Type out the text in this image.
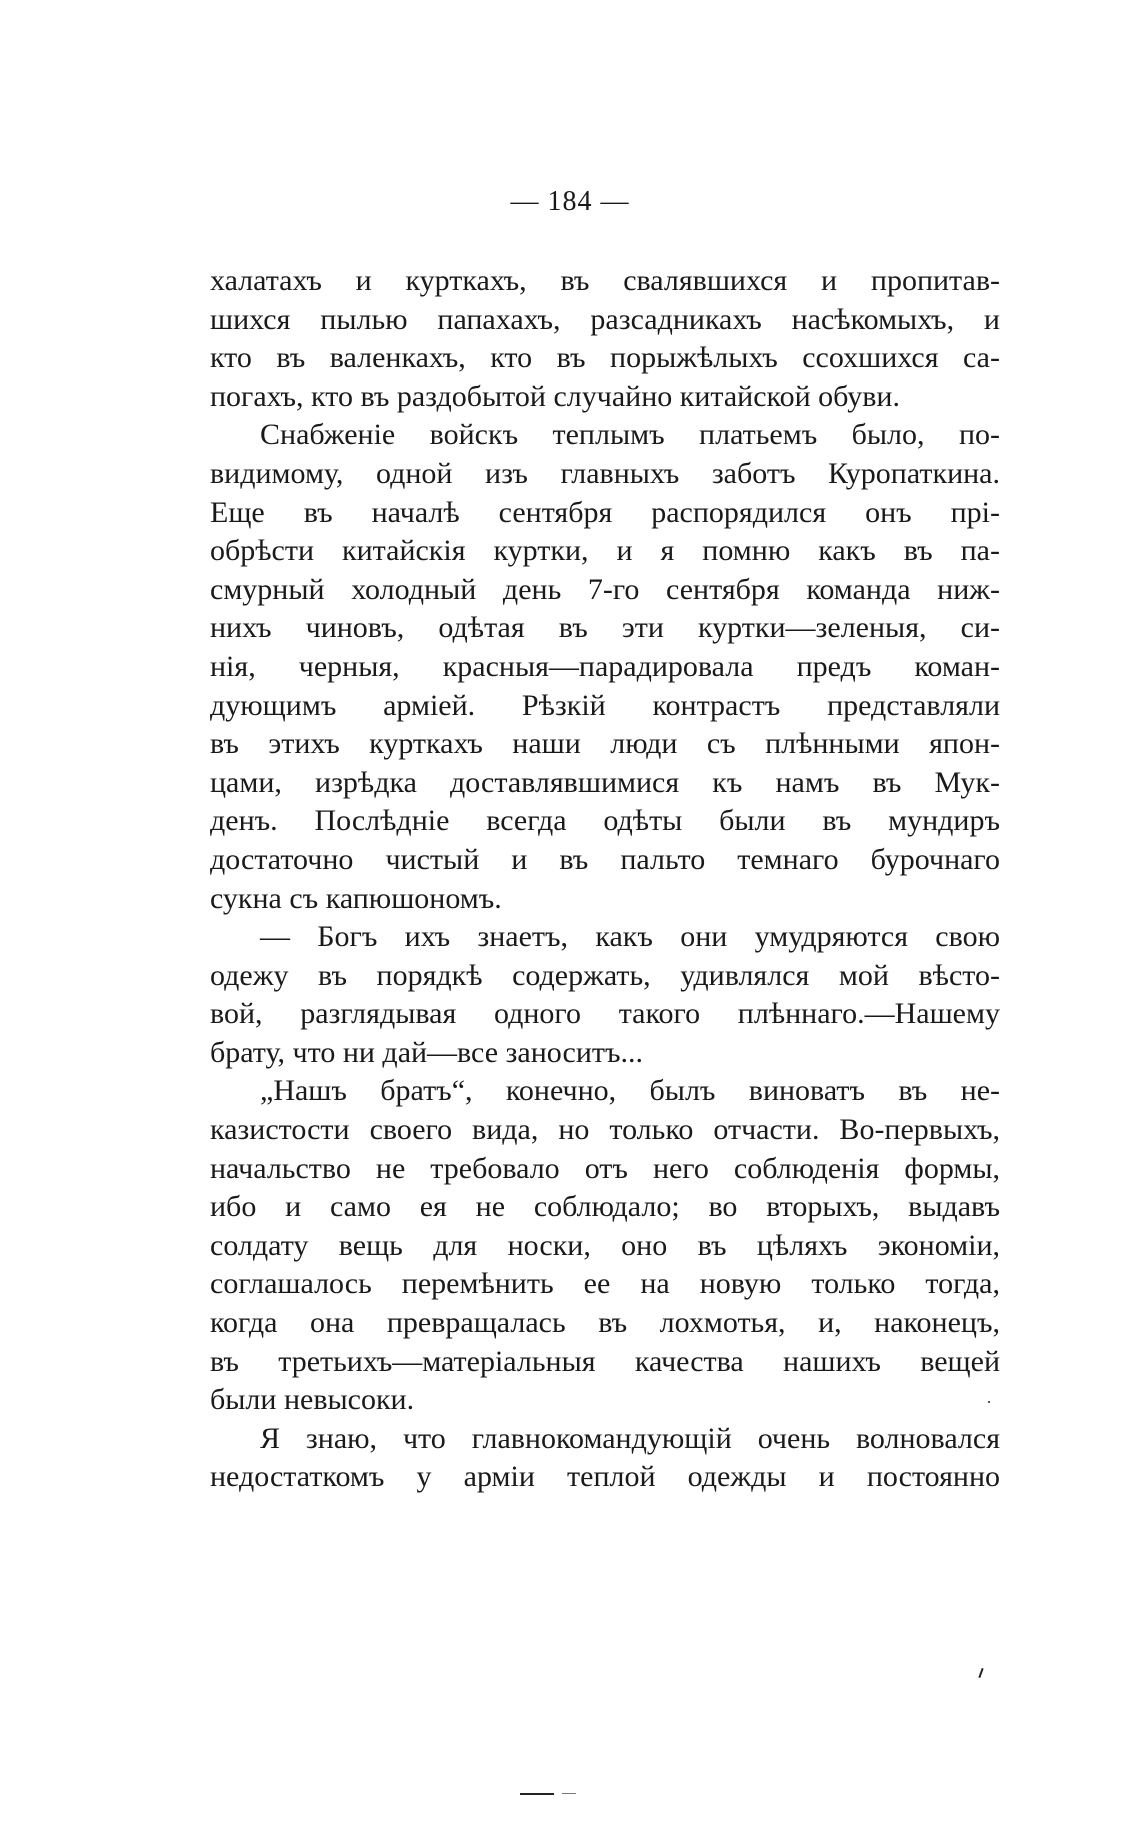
— 184 —
халатахъ и курткахъ, въ свалявшихся и пропитав-
шихся пылью папахахъ, разсадникахъ насѣкомыхъ, и
кто въ валенкахъ, кто въ порыжѣлыхъ ссохшихся са-
погахъ, кто въ раздобытой случайно китайской обуви.
Снабженіе войскъ теплымъ платьемъ было, по-
видимому, одной изъ главныхъ заботъ Куропаткина.
Еще въ началѣ сентября распорядился онъ прі-
обрѣсти китайскія куртки, и я помню какъ въ па-
смурный холодный день 7-го сентября команда ниж-
нихъ чиновъ, одѣтая въ эти куртки—зеленыя, си-
нія, черныя, красныя—парадировала предъ коман-
дующимъ арміей. Рѣзкій контрастъ представляли
въ этихъ курткахъ наши люди съ плѣнными япон-
цами, изрѣдка доставлявшимися къ намъ въ Мук-
денъ. Послѣдніе всегда одѣты были въ мундиръ
достаточно чистый и въ пальто темнаго бурочнаго
сукна съ капюшономъ.
— Богъ ихъ знаетъ, какъ они умудряются свою
одежу въ порядкѣ содержать, удивлялся мой вѣсто-
вой, разглядывая одного такого плѣннаго.—Нашему
брату, что ни дай—все заноситъ...
„Нашъ братъ“, конечно, былъ виноватъ въ не-
казистости своего вида, но только отчасти. Во-первыхъ,
начальство не требовало отъ него соблюденія формы,
ибо и само ея не соблюдало; во вторыхъ, выдавъ
солдату вещь для носки, оно въ цѣляхъ экономіи,
соглашалось перемѣнить ее на новую только тогда,
когда она превращалась въ лохмотья, и, наконецъ,
въ третьихъ—матеріальныя качества нашихъ вещей
были невысоки.
Я знаю, что главнокомандующій очень волновался
недостаткомъ у арміи теплой одежды и постоянно
